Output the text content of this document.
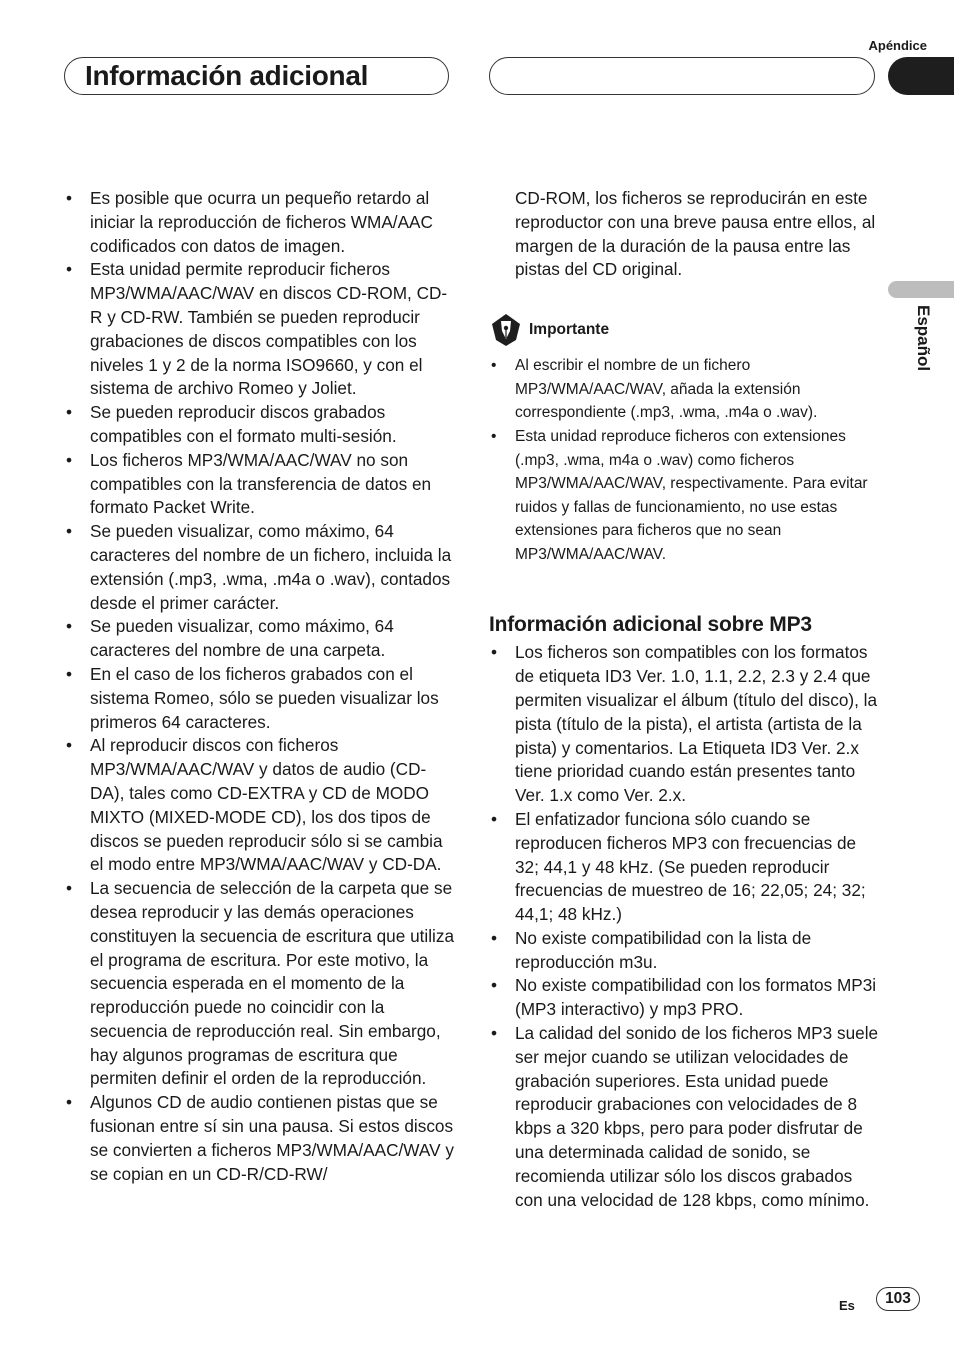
Apéndice
Información adicional
Español
• Es posible que ocurra un pequeño retardo al iniciar la reproducción de ficheros WMA/AAC codificados con datos de imagen.
• Esta unidad permite reproducir ficheros MP3/WMA/AAC/WAV en discos CD-ROM, CD-R y CD-RW. También se pueden reproducir grabaciones de discos compatibles con los niveles 1 y 2 de la norma ISO9660, y con el sistema de archivo Romeo y Joliet.
• Se pueden reproducir discos grabados compatibles con el formato multi-sesión.
• Los ficheros MP3/WMA/AAC/WAV no son compatibles con la transferencia de datos en formato Packet Write.
• Se pueden visualizar, como máximo, 64 caracteres del nombre de un fichero, incluida la extensión (.mp3, .wma, .m4a o .wav), contados desde el primer carácter.
• Se pueden visualizar, como máximo, 64 caracteres del nombre de una carpeta.
• En el caso de los ficheros grabados con el sistema Romeo, sólo se pueden visualizar los primeros 64 caracteres.
• Al reproducir discos con ficheros MP3/WMA/AAC/WAV y datos de audio (CD-DA), tales como CD-EXTRA y CD de MODO MIXTO (MIXED-MODE CD), los dos tipos de discos se pueden reproducir sólo si se cambia el modo entre MP3/WMA/AAC/WAV y CD-DA.
• La secuencia de selección de la carpeta que se desea reproducir y las demás operaciones constituyen la secuencia de escritura que utiliza el programa de escritura. Por este motivo, la secuencia esperada en el momento de la reproducción puede no coincidir con la secuencia de reproducción real. Sin embargo, hay algunos programas de escritura que permiten definir el orden de la reproducción.
• Algunos CD de audio contienen pistas que se fusionan entre sí sin una pausa. Si estos discos se convierten a ficheros MP3/WMA/AAC/WAV y se copian en un CD-R/CD-RW/

CD-ROM, los ficheros se reproducirán en este reproductor con una breve pausa entre ellos, al margen de la duración de la pausa entre las pistas del CD original.

Importante
• Al escribir el nombre de un fichero MP3/WMA/AAC/WAV, añada la extensión correspondiente (.mp3, .wma, .m4a o .wav).
• Esta unidad reproduce ficheros con extensiones (.mp3, .wma, m4a o .wav) como ficheros MP3/WMA/AAC/WAV, respectivamente. Para evitar ruidos y fallas de funcionamiento, no use estas extensiones para ficheros que no sean MP3/WMA/AAC/WAV.
Información adicional sobre MP3
• Los ficheros son compatibles con los formatos de etiqueta ID3 Ver. 1.0, 1.1, 2.2, 2.3 y 2.4 que permiten visualizar el álbum (título del disco), la pista (título de la pista), el artista (artista de la pista) y comentarios. La Etiqueta ID3 Ver. 2.x tiene prioridad cuando están presentes tanto Ver. 1.x como Ver. 2.x.
• El enfatizador funciona sólo cuando se reproducen ficheros MP3 con frecuencias de 32; 44,1 y 48 kHz. (Se pueden reproducir frecuencias de muestreo de 16; 22,05; 24; 32; 44,1; 48 kHz.)
• No existe compatibilidad con la lista de reproducción m3u.
• No existe compatibilidad con los formatos MP3i (MP3 interactivo) y mp3 PRO.
• La calidad del sonido de los ficheros MP3 suele ser mejor cuando se utilizan velocidades de grabación superiores. Esta unidad puede reproducir grabaciones con velocidades de 8 kbps a 320 kbps, pero para poder disfrutar de una determinada calidad de sonido, se recomienda utilizar sólo los discos grabados con una velocidad de 128 kbps, como mínimo.
Es	103
